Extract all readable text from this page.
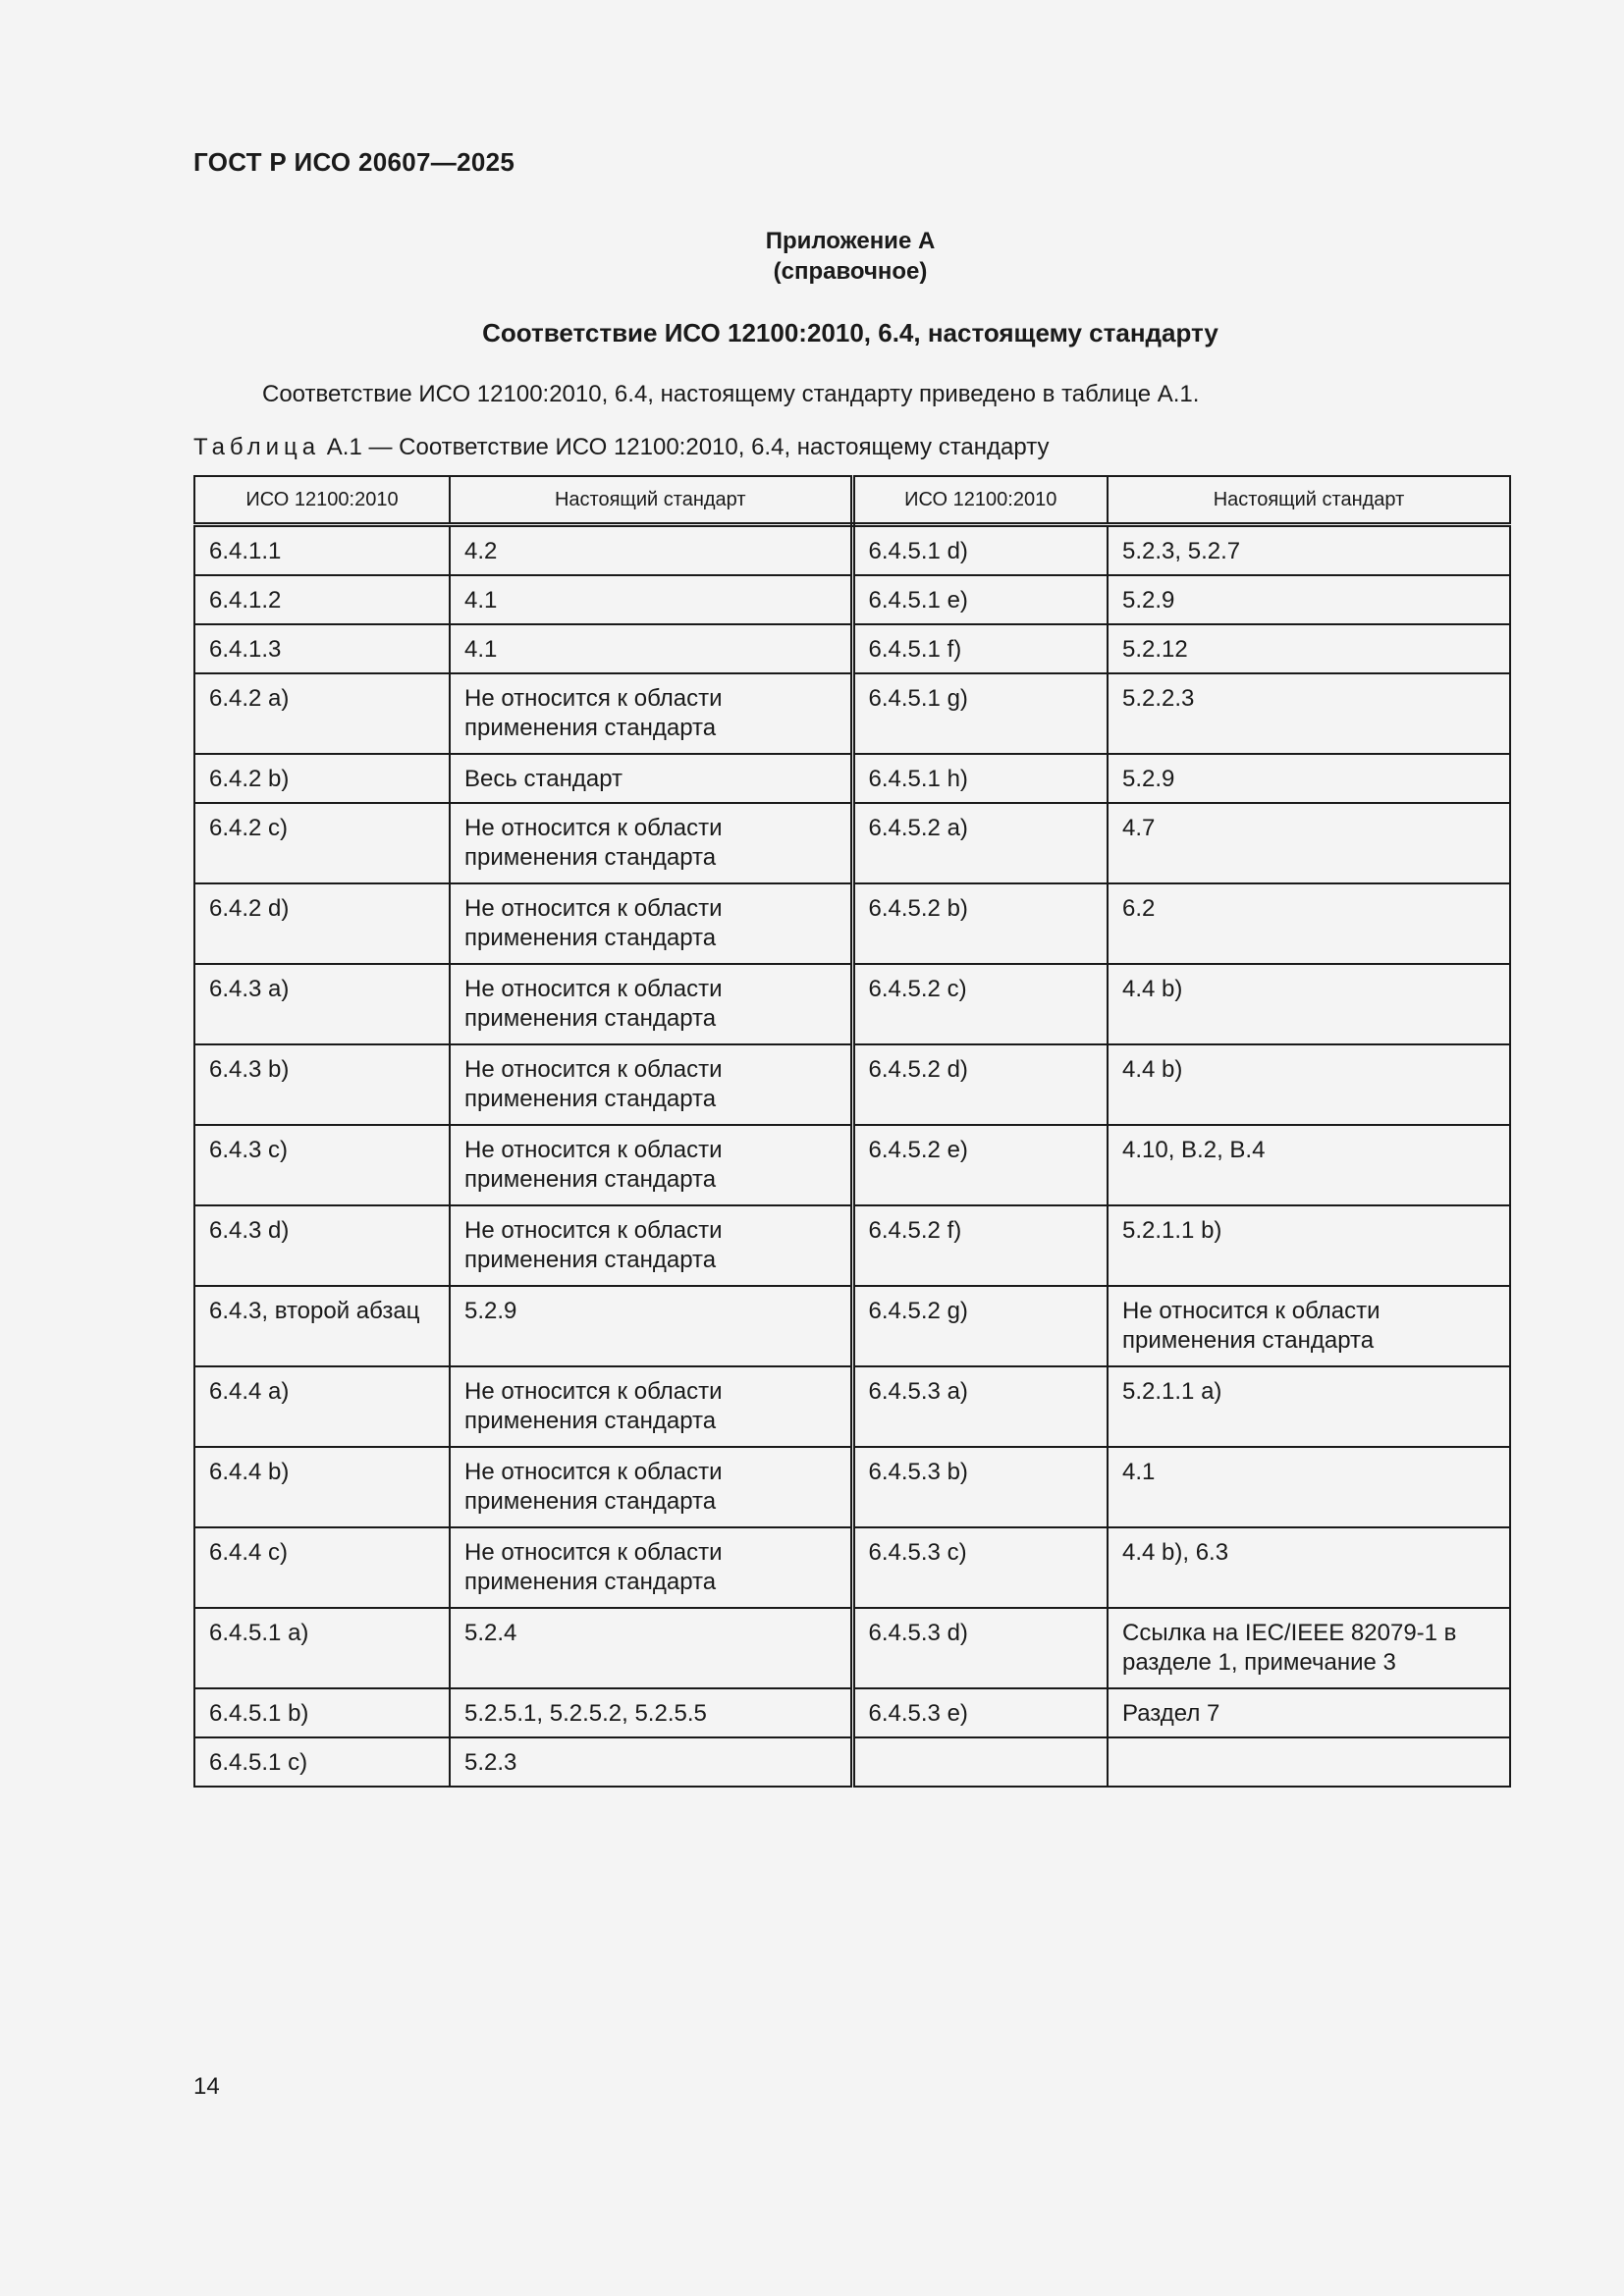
ГОСТ Р ИСО 20607—2025
Приложение А
(справочное)
Соответствие ИСО 12100:2010, 6.4, настоящему стандарту
Соответствие ИСО 12100:2010, 6.4, настоящему стандарту приведено в таблице А.1.
Таблица А.1 — Соответствие ИСО 12100:2010, 6.4, настоящему стандарту
ИСО 12100:2010	Настоящий стандарт	ИСО 12100:2010	Настоящий стандарт
6.4.1.1	4.2	6.4.5.1 d)	5.2.3, 5.2.7
6.4.1.2	4.1	6.4.5.1 e)	5.2.9
6.4.1.3	4.1	6.4.5.1 f)	5.2.12
6.4.2 a)	Не относится к области применения стандарта	6.4.5.1 g)	5.2.2.3
6.4.2 b)	Весь стандарт	6.4.5.1 h)	5.2.9
6.4.2 c)	Не относится к области применения стандарта	6.4.5.2 a)	4.7
6.4.2 d)	Не относится к области применения стандарта	6.4.5.2 b)	6.2
6.4.3 a)	Не относится к области применения стандарта	6.4.5.2 c)	4.4 b)
6.4.3 b)	Не относится к области применения стандарта	6.4.5.2 d)	4.4 b)
6.4.3 c)	Не относится к области применения стандарта	6.4.5.2 e)	4.10, B.2, B.4
6.4.3 d)	Не относится к области применения стандарта	6.4.5.2 f)	5.2.1.1 b)
6.4.3, второй абзац	5.2.9	6.4.5.2 g)	Не относится к области применения стандарта
6.4.4 a)	Не относится к области применения стандарта	6.4.5.3 a)	5.2.1.1 a)
6.4.4 b)	Не относится к области применения стандарта	6.4.5.3 b)	4.1
6.4.4 c)	Не относится к области применения стандарта	6.4.5.3 c)	4.4 b), 6.3
6.4.5.1 a)	5.2.4	6.4.5.3 d)	Ссылка на IEC/IEEE 82079-1 в разделе 1, примечание 3
6.4.5.1 b)	5.2.5.1, 5.2.5.2, 5.2.5.5	6.4.5.3 e)	Раздел 7
6.4.5.1 c)	5.2.3		
14
